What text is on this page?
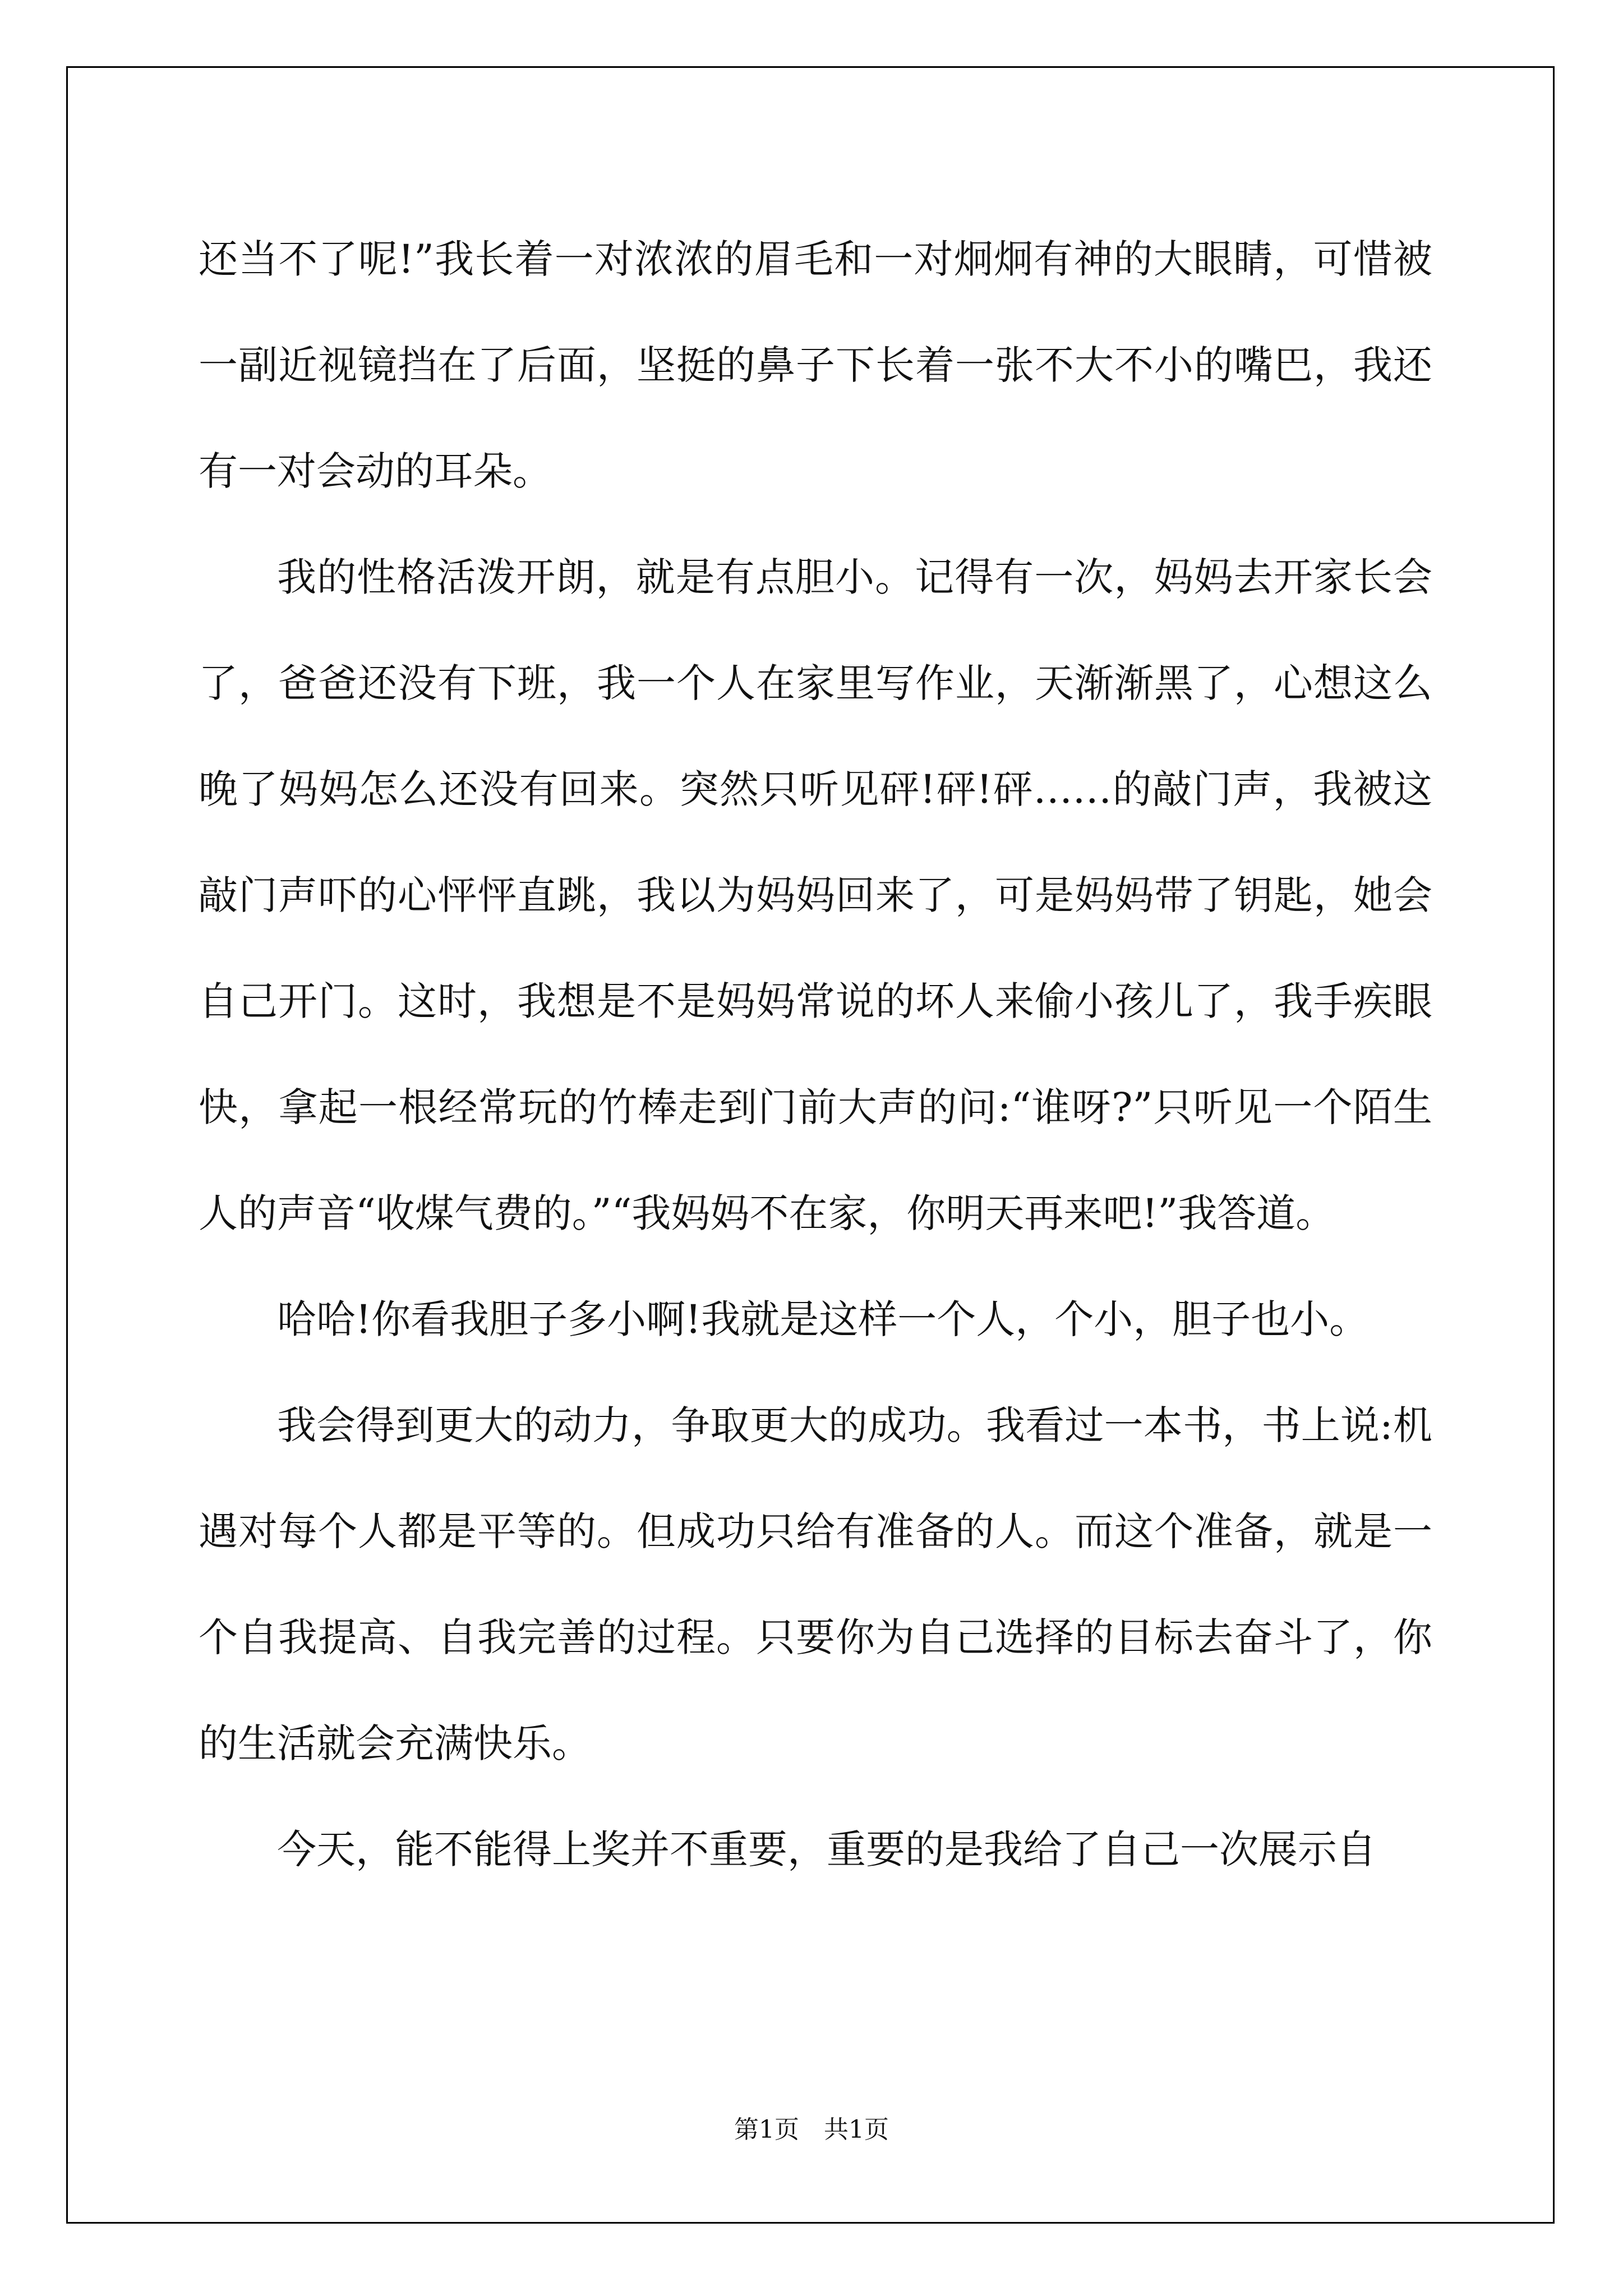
还当不了呢!”我长着一对浓浓的眉毛和一对炯炯有神的大眼睛，可惜被一副近视镜挡在了后面，坚挺的鼻子下长着一张不大不小的嘴巴，我还有一对会动的耳朵。

我的性格活泼开朗，就是有点胆小。记得有一次，妈妈去开家长会了，爸爸还没有下班，我一个人在家里写作业，天渐渐黑了，心想这么晚了妈妈怎么还没有回来。突然只听见砰!砰!砰……的敲门声，我被这敲门声吓的心怦怦直跳，我以为妈妈回来了，可是妈妈带了钥匙，她会自己开门。这时，我想是不是妈妈常说的坏人来偷小孩儿了，我手疾眼快，拿起一根经常玩的竹棒走到门前大声的问:“谁呀?”只听见一个陌生人的声音“收煤气费的。”“我妈妈不在家，你明天再来吧!”我答道。

哈哈!你看我胆子多小啊!我就是这样一个人，个小，胆子也小。

我会得到更大的动力，争取更大的成功。我看过一本书，书上说:机遇对每个人都是平等的。但成功只给有准备的人。而这个准备，就是一个自我提高、自我完善的过程。只要你为自己选择的目标去奋斗了，你的生活就会充满快乐。

今天，能不能得上奖并不重要，重要的是我给了自己一次展示自

第1页　共1页
